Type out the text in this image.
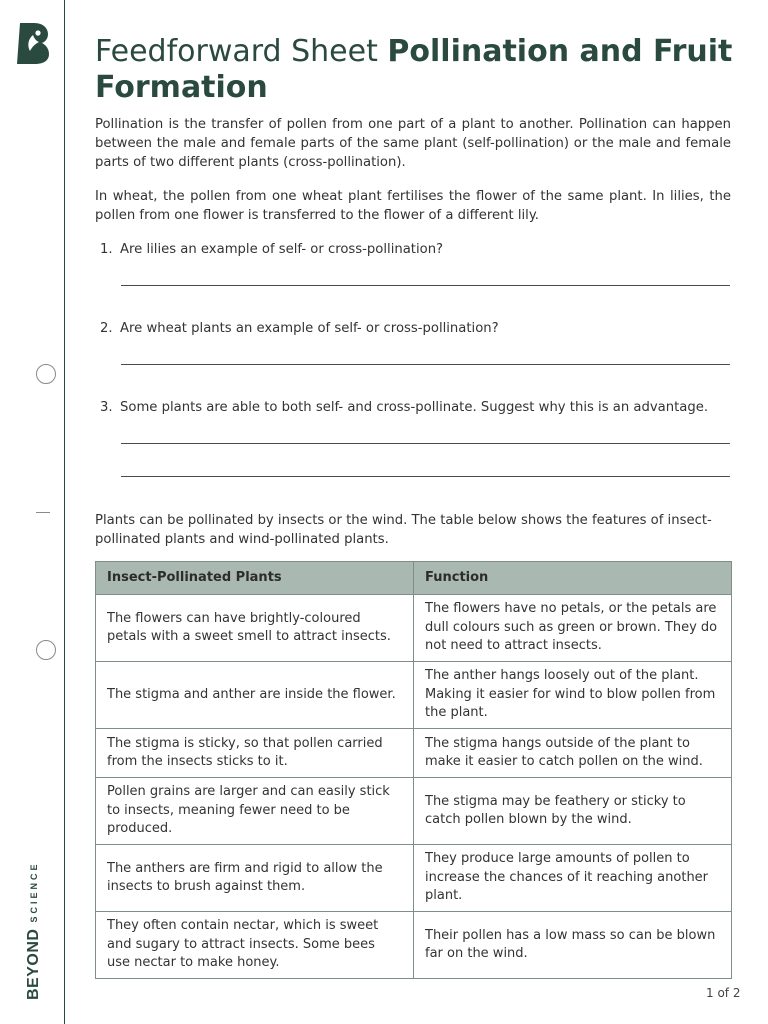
BEYONDSCIENCE
Feedforward Sheet Pollination and Fruit Formation

Pollination is the transfer of pollen from one part of a plant to another. Pollination can happen between the male and female parts of the same plant (self-pollination) or the male and female parts of two different plants (cross-pollination).

In wheat, the pollen from one wheat plant fertilises the flower of the same plant. In lilies, the pollen from one flower is transferred to the flower of a different lily.

1. Are lilies an example of self- or cross-pollination?
2. Are wheat plants an example of self- or cross-pollination?
3. Some plants are able to both self- and cross-pollinate. Suggest why this is an advantage.

Plants can be pollinated by insects or the wind. The table below shows the features of insect-pollinated plants and wind-pollinated plants.

Insect-Pollinated Plants	Function
The flowers can have brightly-coloured petals with a sweet smell to attract insects.	The flowers have no petals, or the petals are dull colours such as green or brown. They do not need to attract insects.
The stigma and anther are inside the flower.	The anther hangs loosely out of the plant. Making it easier for wind to blow pollen from the plant.
The stigma is sticky, so that pollen carried from the insects sticks to it.	The stigma hangs outside of the plant to make it easier to catch pollen on the wind.
Pollen grains are larger and can easily stick to insects, meaning fewer need to be produced.	The stigma may be feathery or sticky to catch pollen blown by the wind.
The anthers are firm and rigid to allow the insects to brush against them.	They produce large amounts of pollen to increase the chances of it reaching another plant.
They often contain nectar, which is sweet and sugary to attract insects. Some bees use nectar to make honey.	Their pollen has a low mass so can be blown far on the wind.
1 of 2
